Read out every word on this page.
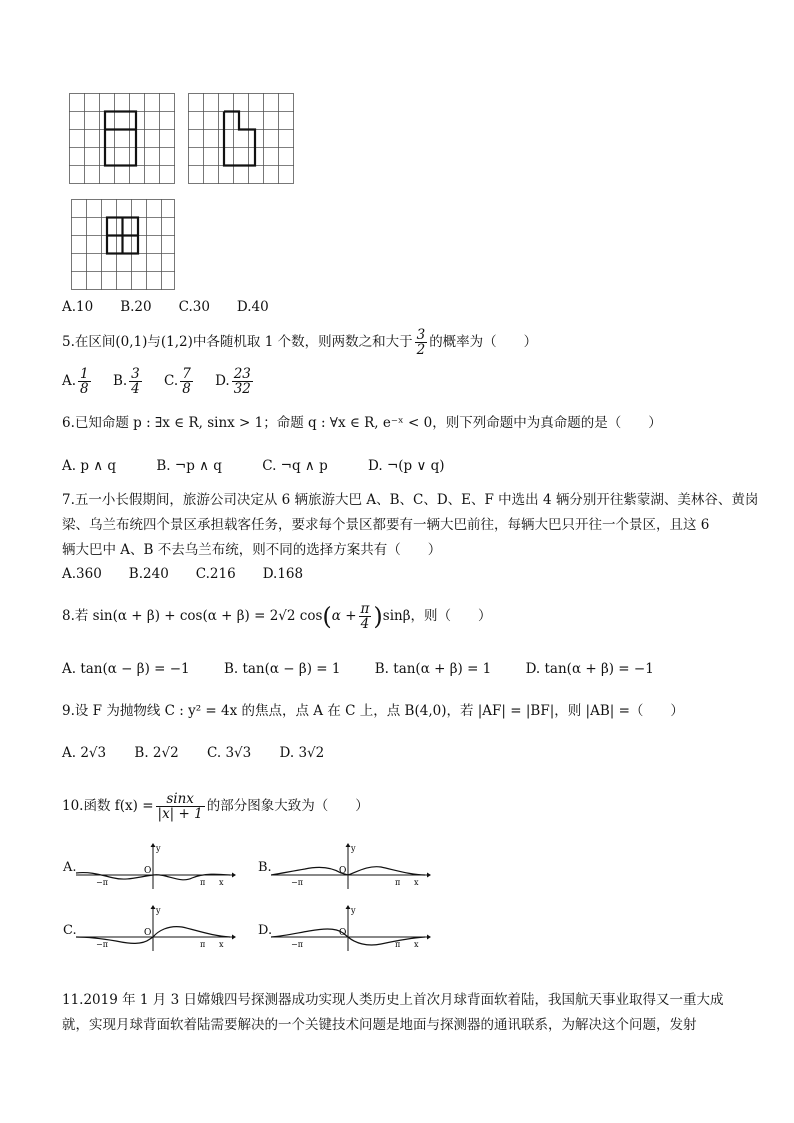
A.10　　B.20　　C.30　　D.40
5.在区间(0,1)与(1,2)中各随机取 1 个数，则两数之和大于 $\frac{3}{2}$ 的概率为（　　）
A. $\frac{1}{8} B$. $\frac{3}{4} C$. $\frac{7}{8} D$. $\frac{23}{32}$
6.已知命题 p : ∃x ∈ R, sinx > 1；命题 q : ∀x ∈ R, e⁻ˣ < 0，则下列命题中为真命题的是（　　）
A. p ∧ q	B. ¬p ∧ q	C. ¬q ∧ p	D. ¬(p ∨ q)
7.五一小长假期间，旅游公司决定从 6 辆旅游大巴 A、B、C、D、E、F 中选出 4 辆分别开往紫蒙湖、美林谷、黄岗
梁、乌兰布统四个景区承担载客任务，要求每个景区都要有一辆大巴前往，每辆大巴只开往一个景区，且这 6
辆大巴中 A、B 不去乌兰布统，则不同的选择方案共有（　　）
A.360　　B.240　　C.216　　D.168
8.若 sin(α + β) + cos(α + β) = 2√2 $\cos(\alpha + \frac{\pi}{4} )\sin\beta$，则（　　）
A. tan(α − β) = −1	B. tan(α − β) = 1	B. tan(α + β) = 1	D. tan(α + β) = −1
9.设 F 为抛物线 C : y² = 4x 的焦点，点 A 在 C 上，点 B(4,0)，若 |AF| = |BF|，则 |AB| =（　　）
A. 2√3 B. 2√2 C. 3√3 D. 3√2
10.函数 $f(x) = \frac{\sin x}{|x| + 1}$ 的部分图象大致为（　　）
A.	B.
C.	D.
y
O
−π	π x
y
O
−π	π x
y
O
−π	π x
y
O
−π	π x
11.2019 年 1 月 3 日嫦娥四号探测器成功实现人类历史上首次月球背面软着陆，我国航天事业取得又一重大成
就，实现月球背面软着陆需要解决的一个关键技术问题是地面与探测器的通讯联系，为解决这个问题，发射
